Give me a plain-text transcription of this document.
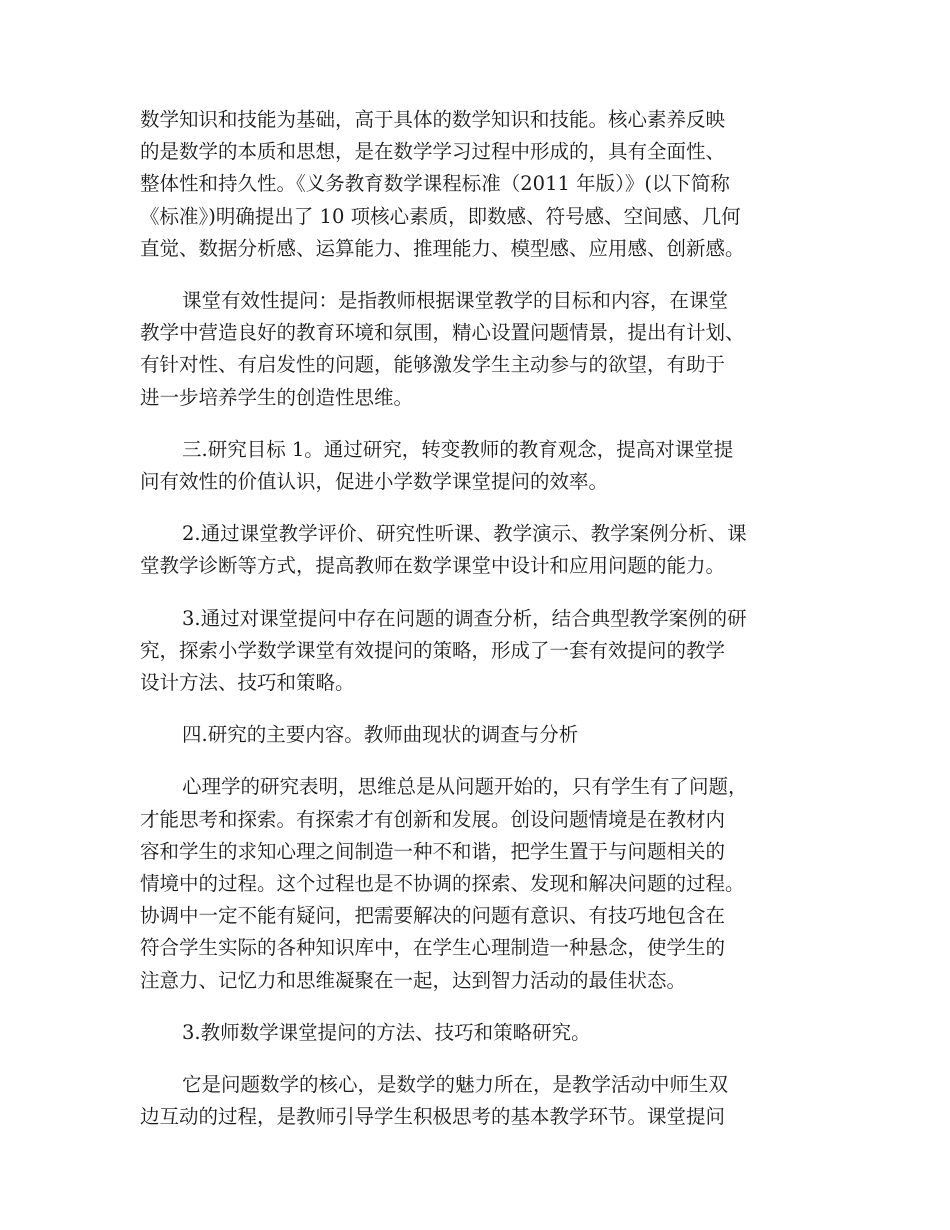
数学知识和技能为基础，高于具体的数学知识和技能。核心素养反映
的是数学的本质和思想，是在数学学习过程中形成的，具有全面性、
整体性和持久性。《义务教育数学课程标准（2011 年版）》(以下简称
《标准》)明确提出了 10 项核心素质，即数感、符号感、空间感、几何
直觉、数据分析感、运算能力、推理能力、模型感、应用感、创新感。

课堂有效性提问：是指教师根据课堂教学的目标和内容，在课堂
教学中营造良好的教育环境和氛围，精心设置问题情景，提出有计划、
有针对性、有启发性的问题，能够激发学生主动参与的欲望，有助于
进一步培养学生的创造性思维。

三.研究目标 1。通过研究，转变教师的教育观念，提高对课堂提
问有效性的价值认识，促进小学数学课堂提问的效率。

2.通过课堂教学评价、研究性听课、教学演示、教学案例分析、课
堂教学诊断等方式，提高教师在数学课堂中设计和应用问题的能力。

3.通过对课堂提问中存在问题的调查分析，结合典型教学案例的研
究，探索小学数学课堂有效提问的策略，形成了一套有效提问的教学
设计方法、技巧和策略。

四.研究的主要内容。教师曲现状的调查与分析

心理学的研究表明，思维总是从问题开始的，只有学生有了问题，
才能思考和探索。有探索才有创新和发展。创设问题情境是在教材内
容和学生的求知心理之间制造一种不和谐，把学生置于与问题相关的
情境中的过程。这个过程也是不协调的探索、发现和解决问题的过程。
协调中一定不能有疑问，把需要解决的问题有意识、有技巧地包含在
符合学生实际的各种知识库中，在学生心理制造一种悬念，使学生的
注意力、记忆力和思维凝聚在一起，达到智力活动的最佳状态。

3.教师数学课堂提问的方法、技巧和策略研究。

它是问题数学的核心，是数学的魅力所在，是教学活动中师生双
边互动的过程，是教师引导学生积极思考的基本教学环节。课堂提问
